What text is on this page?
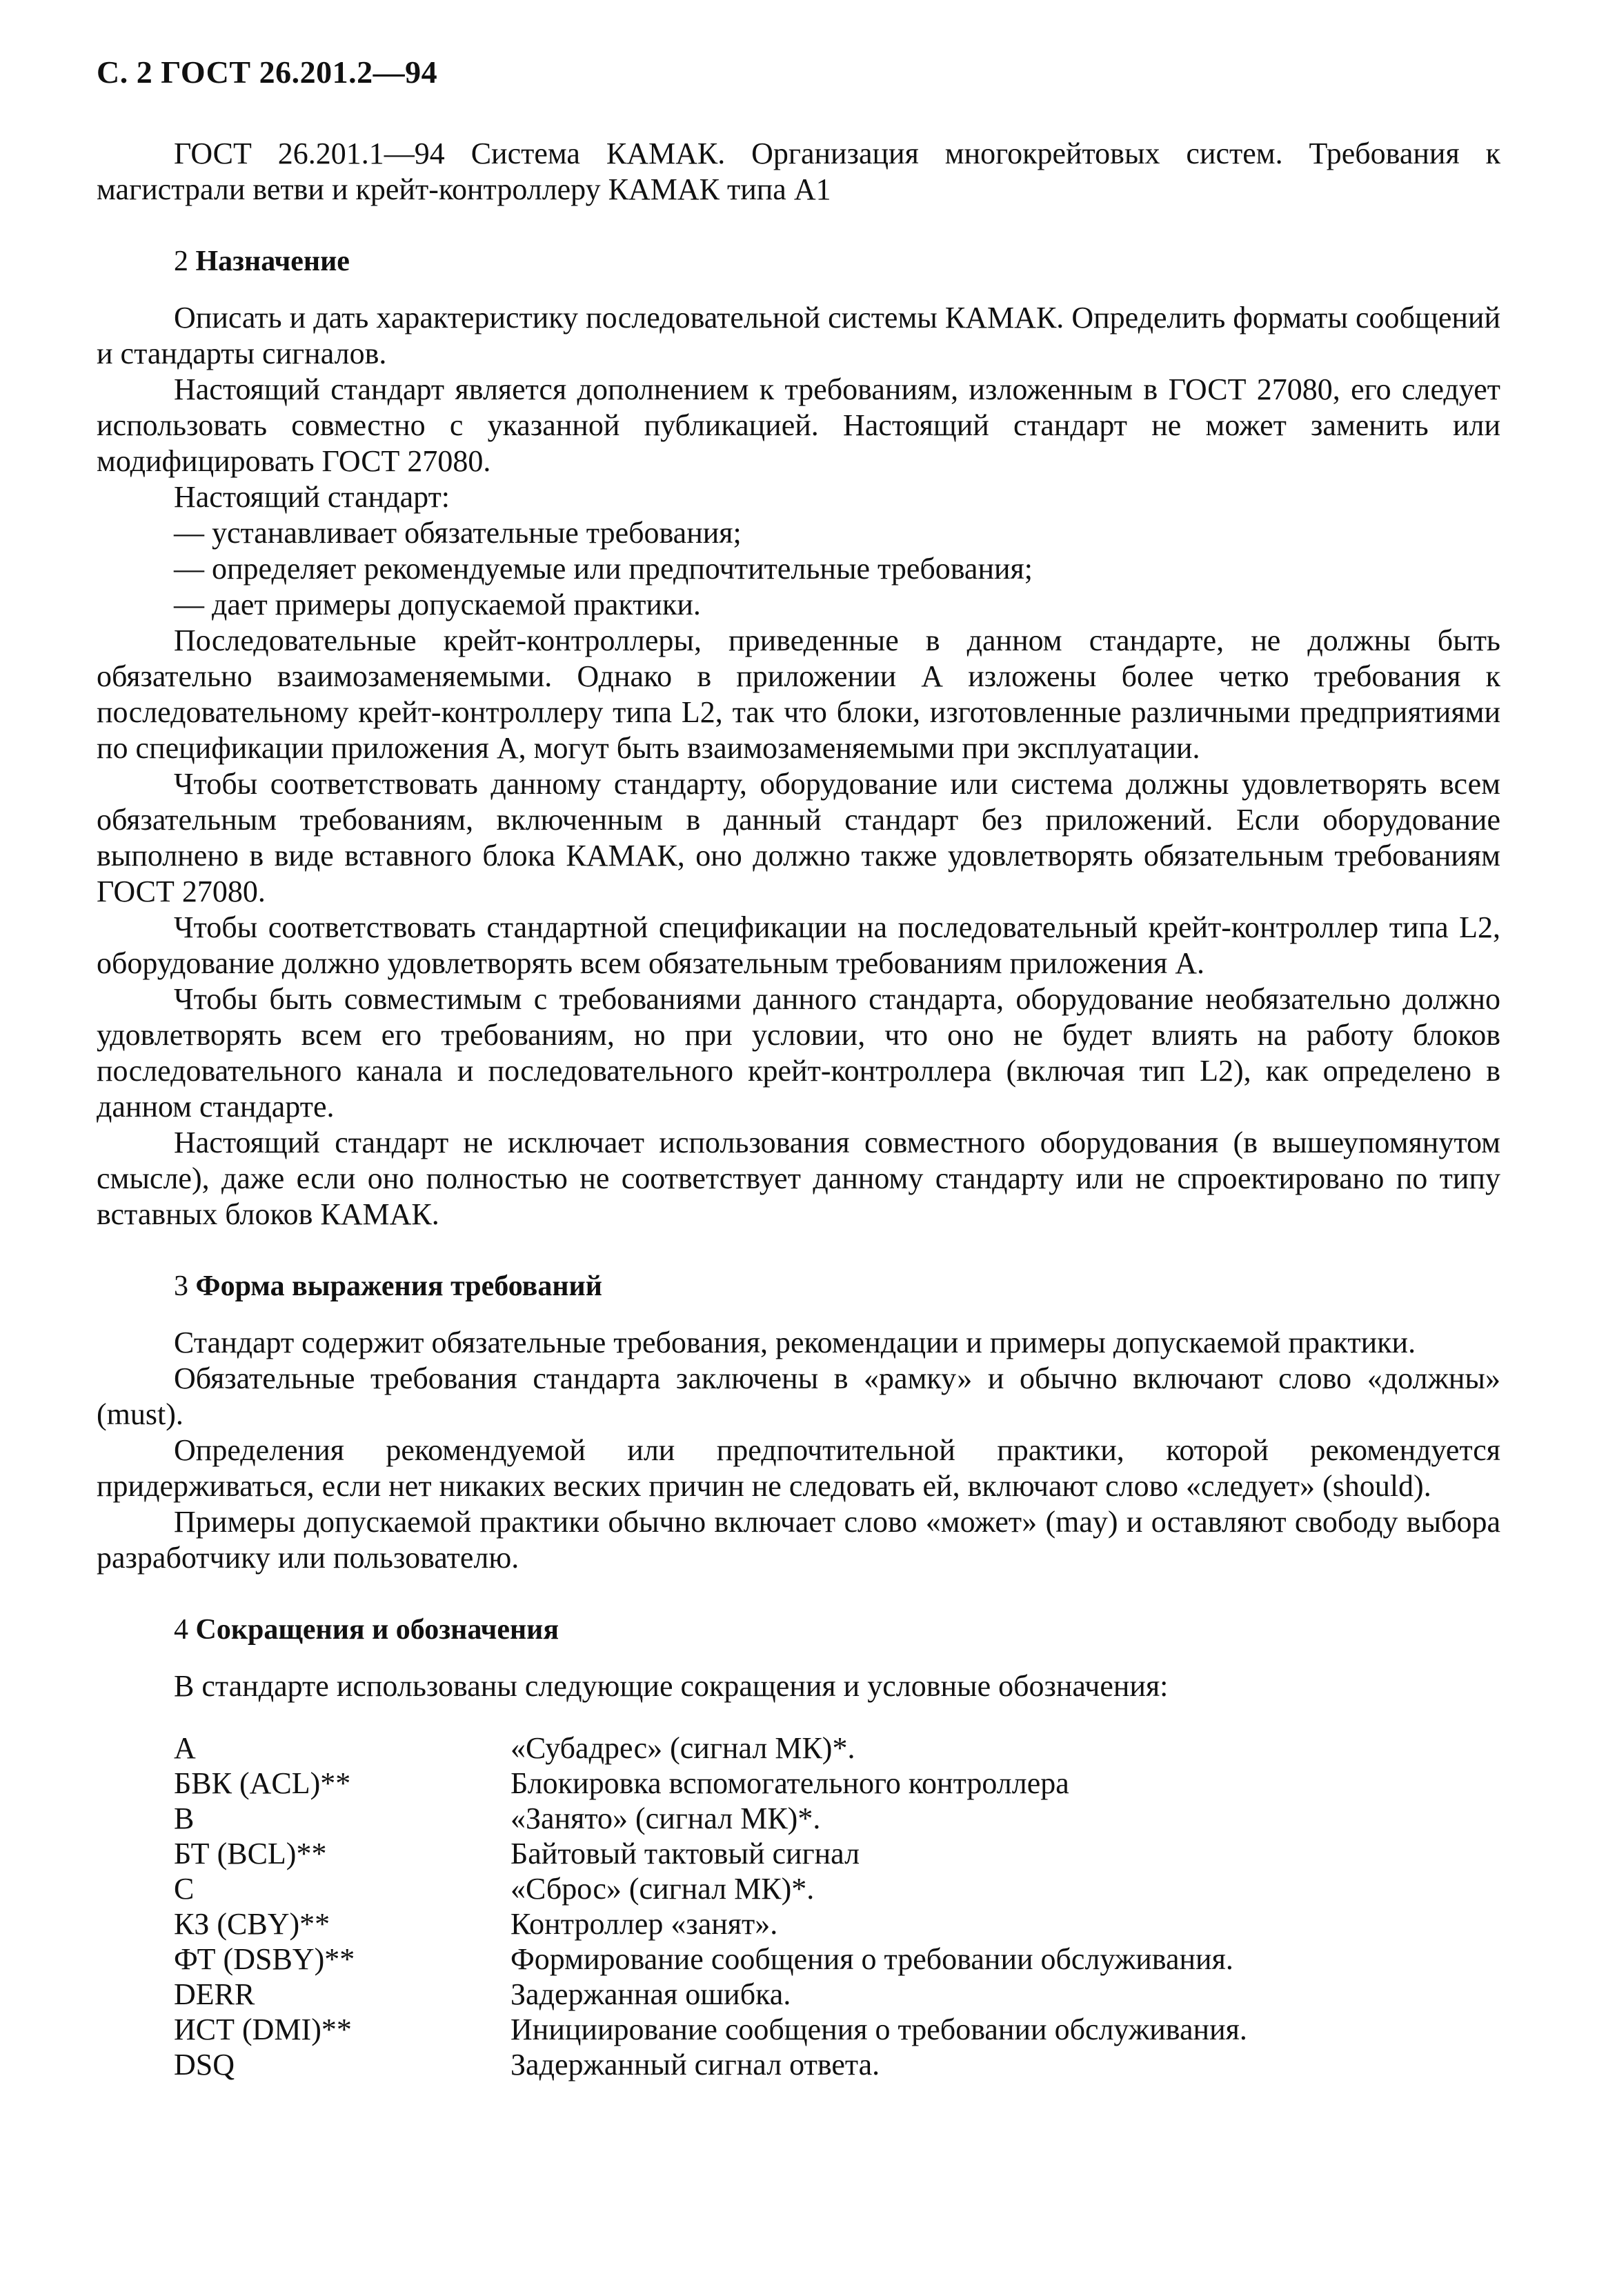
С. 2 ГОСТ 26.201.2—94

ГОСТ 26.201.1—94 Система КАМАК. Организация многокрейтовых систем. Требования к магистрали ветви и крейт-контроллеру КАМАК типа А1

2 Назначение

Описать и дать характеристику последовательной системы КАМАК. Определить форматы сообщений и стандарты сигналов.

Настоящий стандарт является дополнением к требованиям, изложенным в ГОСТ 27080, его следует использовать совместно с указанной публикацией. Настоящий стандарт не может заменить или модифицировать ГОСТ 27080.

Настоящий стандарт:

— устанавливает обязательные требования;
— определяет рекомендуемые или предпочтительные требования;
— дает примеры допускаемой практики.

Последовательные крейт-контроллеры, приведенные в данном стандарте, не должны быть обязательно взаимозаменяемыми. Однако в приложении А изложены более четко требования к последовательному крейт-контроллеру типа L2, так что блоки, изготовленные различными предприятиями по спецификации приложения А, могут быть взаимозаменяемыми при эксплуатации.

Чтобы соответствовать данному стандарту, оборудование или система должны удовлетворять всем обязательным требованиям, включенным в данный стандарт без приложений. Если оборудование выполнено в виде вставного блока КАМАК, оно должно также удовлетворять обязательным требованиям ГОСТ 27080.

Чтобы соответствовать стандартной спецификации на последовательный крейт-контроллер типа L2, оборудование должно удовлетворять всем обязательным требованиям приложения А.

Чтобы быть совместимым с требованиями данного стандарта, оборудование необязательно должно удовлетворять всем его требованиям, но при условии, что оно не будет влиять на работу блоков последовательного канала и последовательного крейт-контроллера (включая тип L2), как определено в данном стандарте.

Настоящий стандарт не исключает использования совместного оборудования (в вышеупомянутом смысле), даже если оно полностью не соответствует данному стандарту или не спроектировано по типу вставных блоков КАМАК.

3 Форма выражения требований

Стандарт содержит обязательные требования, рекомендации и примеры допускаемой практики.

Обязательные требования стандарта заключены в «рамку» и обычно включают слово «должны» (must).

Определения рекомендуемой или предпочтительной практики, которой рекомендуется придерживаться, если нет никаких веских причин не следовать ей, включают слово «следует» (should).

Примеры допускаемой практики обычно включает слово «может» (may) и оставляют свободу выбора разработчику или пользователю.

4 Сокращения и обозначения

В стандарте использованы следующие сокращения и условные обозначения:

A	«Субадрес» (сигнал МК)*.
БВК (ACL)**	Блокировка вспомогательного контроллера
B	«Занято» (сигнал МК)*.
БТ (BCL)**	Байтовый тактовый сигнал
C	«Сброс» (сигнал МК)*.
КЗ (CBY)**	Контроллер «занят».
ФТ (DSBY)**	Формирование сообщения о требовании обслуживания.
DERR	Задержанная ошибка.
ИСТ (DMI)**	Инициирование сообщения о требовании обслуживания.
DSQ	Задержанный сигнал ответа.
